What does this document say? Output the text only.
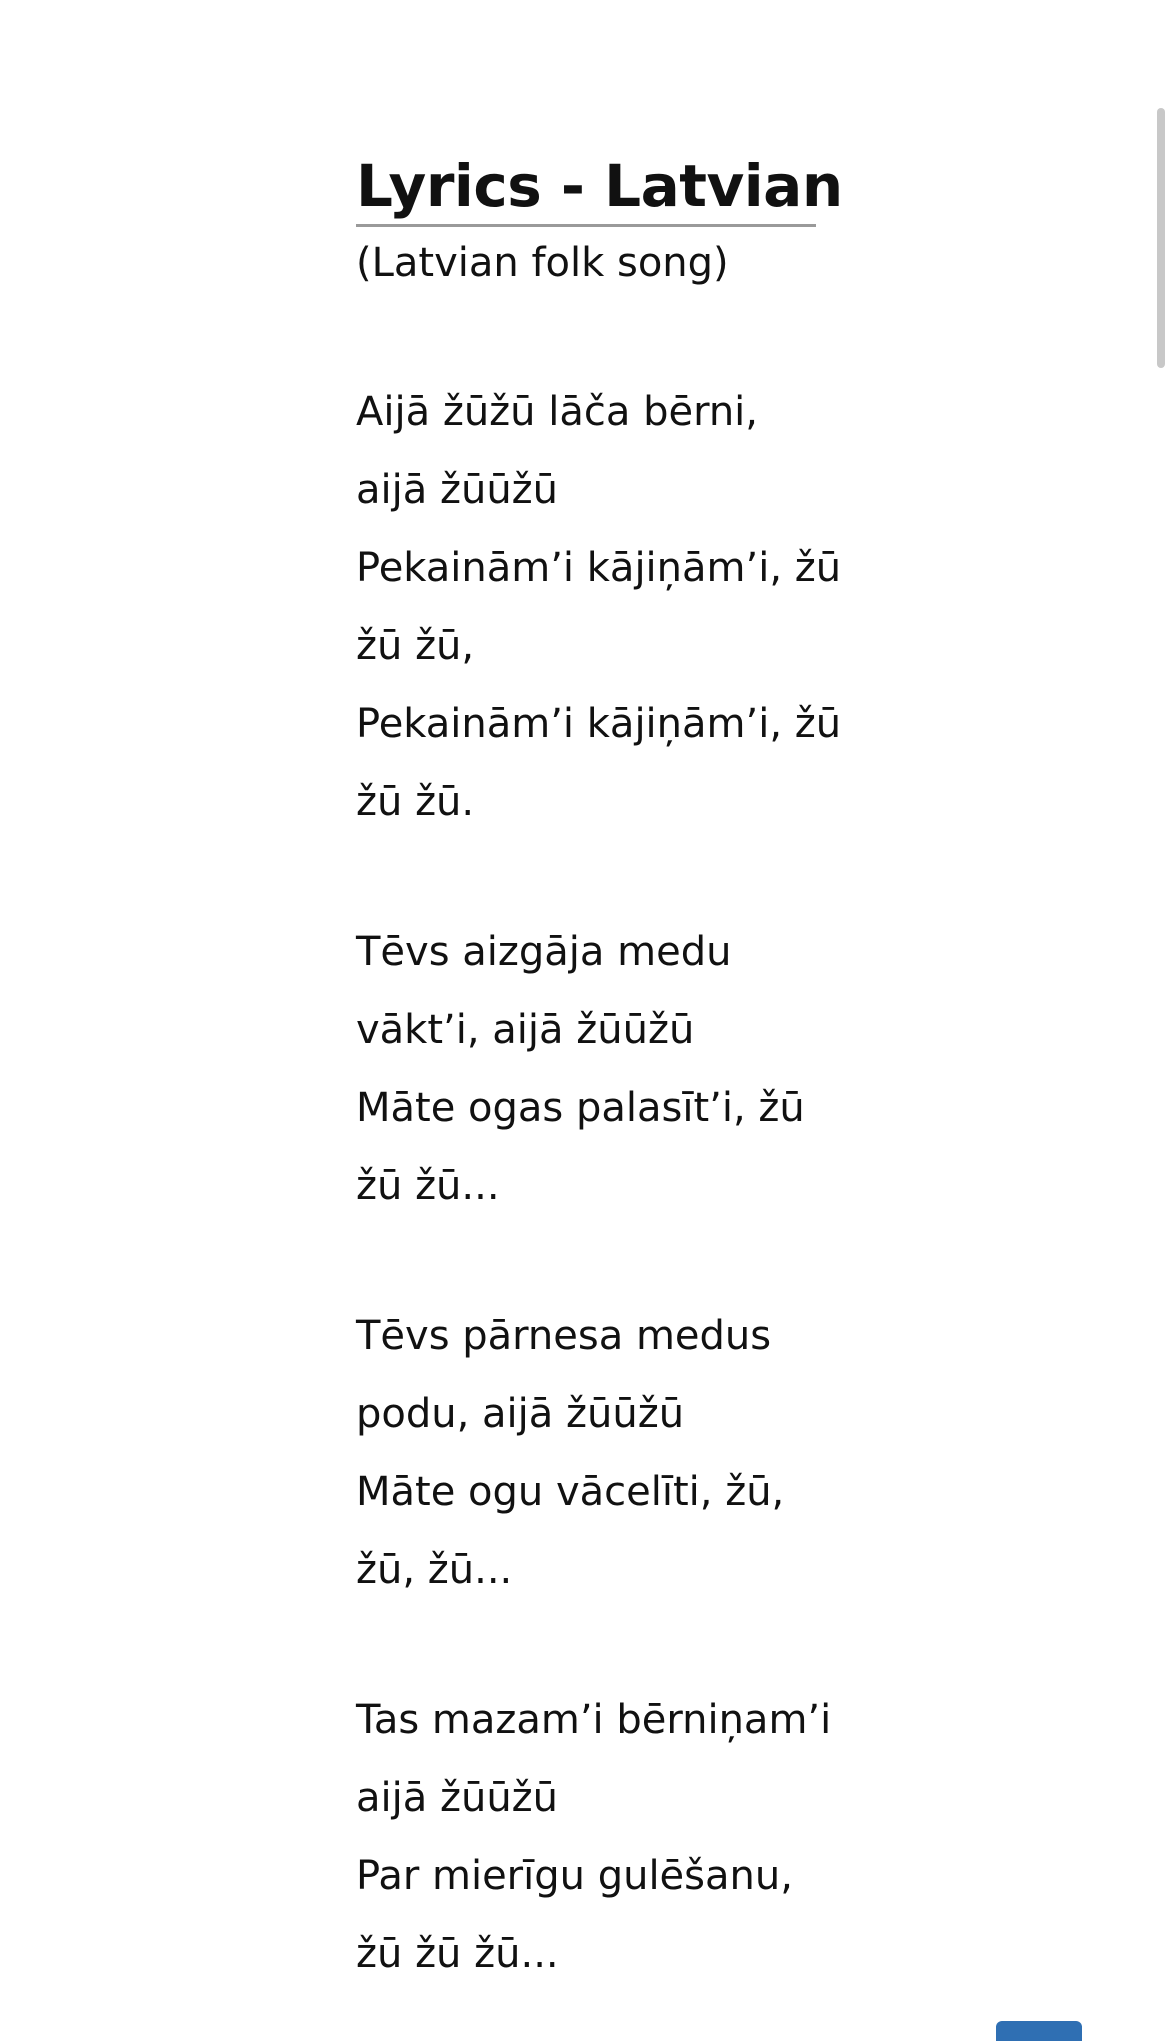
Lyrics - Latvian

(Latvian folk song)

Aijā žūžū lāča bērni,
aijā žūūžū
Pekainām’i kājiņām’i, žū
žū žū,
Pekainām’i kājiņām’i, žū
žū žū.
Tēvs aizgāja medu
vākt’i, aijā žūūžū
Māte ogas palasīt’i, žū
žū žū...
Tēvs pārnesa medus
podu, aijā žūūžū
Māte ogu vācelīti, žū,
žū, žū...
Tas mazam’i bērniņam’i
aijā žūūžū
Par mierīgu gulēšanu,
žū žū žū...
